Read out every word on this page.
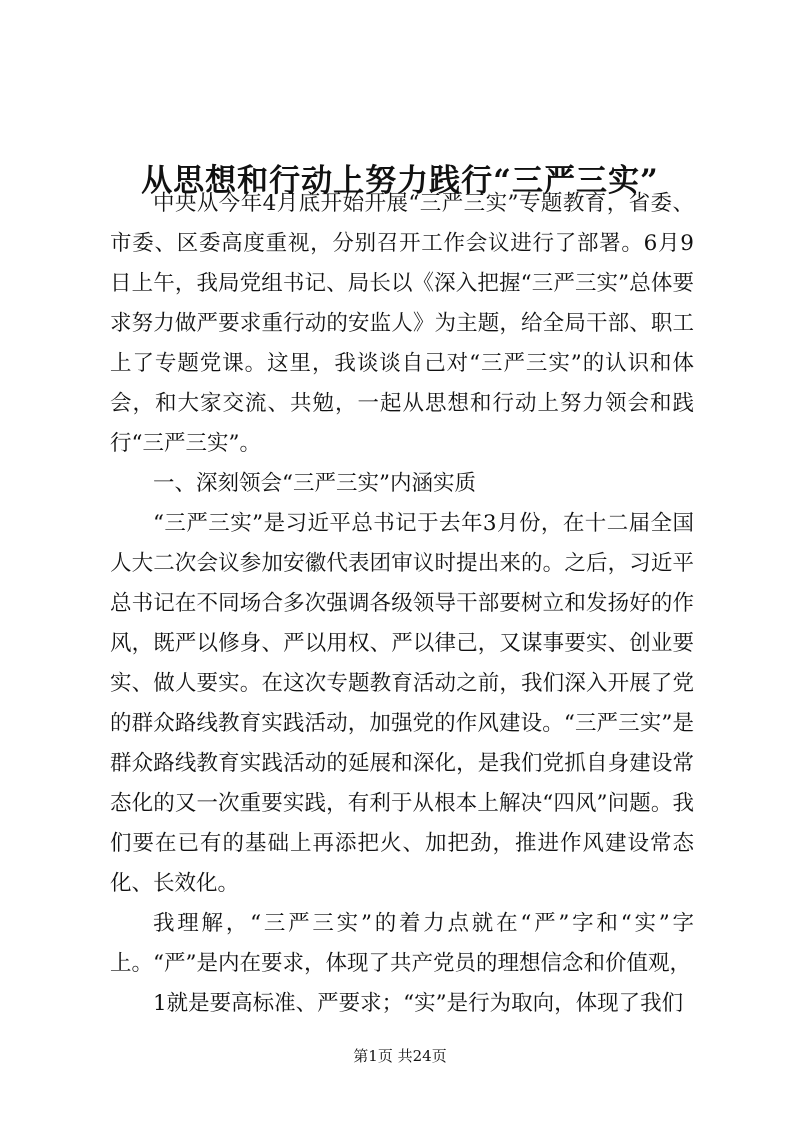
从思想和行动上努力践行“三严三实”

中央从今年4月底开始开展“三严三实”专题教育，省委、市委、区委高度重视，分别召开工作会议进行了部署。6月9日上午，我局党组书记、局长以《深入把握“三严三实”总体要求努力做严要求重行动的安监人》为主题，给全局干部、职工上了专题党课。这里，我谈谈自己对“三严三实”的认识和体会，和大家交流、共勉，一起从思想和行动上努力领会和践行“三严三实”。

一、深刻领会“三严三实”内涵实质

“三严三实”是习近平总书记于去年3月份，在十二届全国人大二次会议参加安徽代表团审议时提出来的。之后，习近平总书记在不同场合多次强调各级领导干部要树立和发扬好的作风，既严以修身、严以用权、严以律己，又谋事要实、创业要实、做人要实。在这次专题教育活动之前，我们深入开展了党的群众路线教育实践活动，加强党的作风建设。“三严三实”是群众路线教育实践活动的延展和深化，是我们党抓自身建设常态化的又一次重要实践，有利于从根本上解决“四风”问题。我们要在已有的基础上再添把火、加把劲，推进作风建设常态化、长效化。

我理解，“三严三实”的着力点就在“严”字和“实”字上。“严”是内在要求，体现了共产党员的理想信念和价值观，

1就是要高标准、严要求；“实”是行为取向，体现了我们

第1页 共24页
